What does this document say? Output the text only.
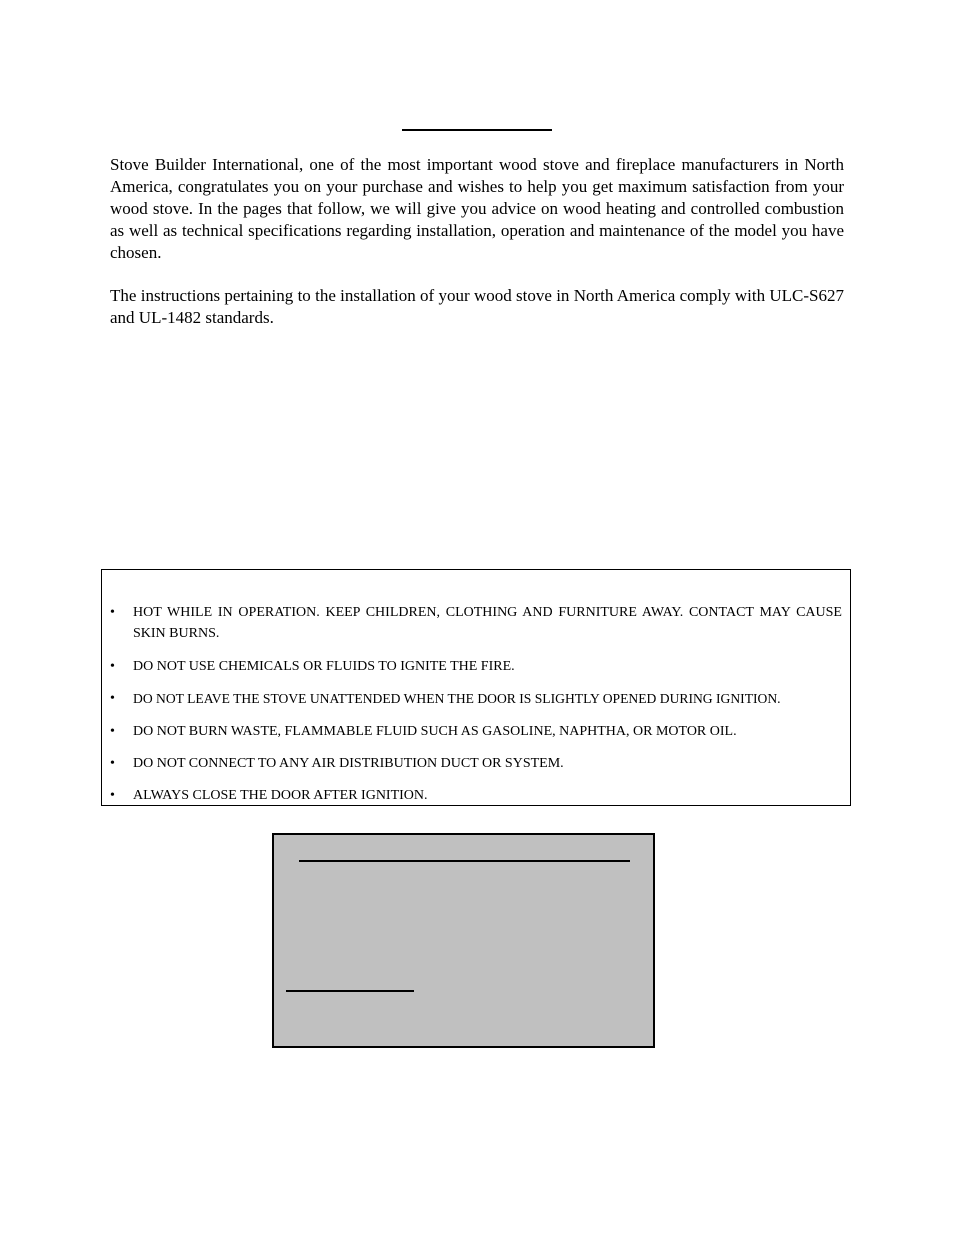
Stove Builder International, one of the most important wood stove and fireplace manufacturers in North America, congratulates you on your purchase and wishes to help you get maximum satisfaction from your wood stove. In the pages that follow, we will give you advice on wood heating and controlled combustion as well as technical specifications regarding installation, operation and maintenance of the model you have chosen.

The instructions pertaining to the installation of your wood stove in North America comply with ULC-S627 and UL-1482 standards.

• HOT WHILE IN OPERATION. KEEP CHILDREN, CLOTHING AND FURNITURE AWAY. CONTACT MAY CAUSE SKIN BURNS.

• DO NOT USE CHEMICALS OR FLUIDS TO IGNITE THE FIRE.

• DO NOT LEAVE THE STOVE UNATTENDED WHEN THE DOOR IS SLIGHTLY OPENED DURING IGNITION.

• DO NOT BURN WASTE, FLAMMABLE FLUID SUCH AS GASOLINE, NAPHTHA, OR MOTOR OIL.

• DO NOT CONNECT TO ANY AIR DISTRIBUTION DUCT OR SYSTEM.

• ALWAYS CLOSE THE DOOR AFTER IGNITION.
